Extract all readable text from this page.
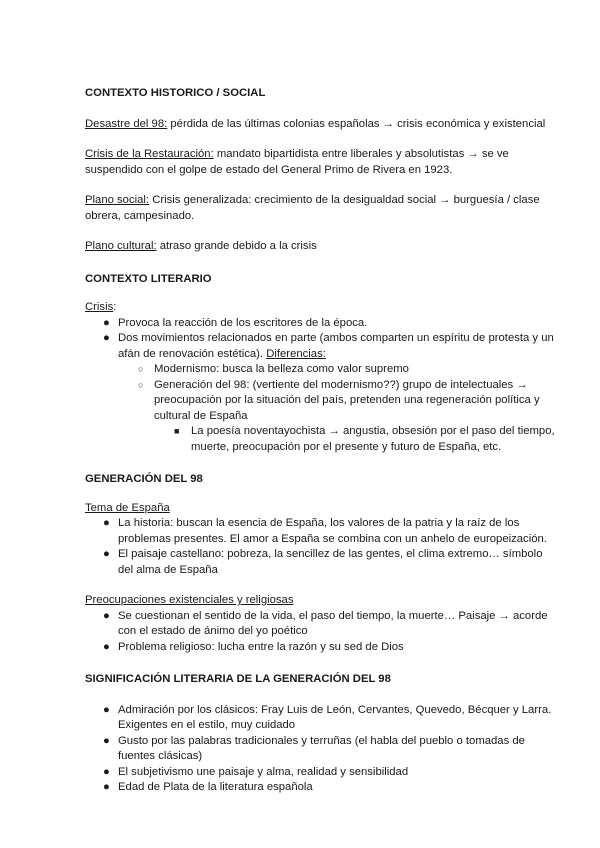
CONTEXTO HISTORICO / SOCIAL

Desastre del 98: pérdida de las últimas colonias españolas → crisis económica y existencial

Crisis de la Restauración: mandato bipartidista entre liberales y absolutistas → se ve suspendido con el golpe de estado del General Primo de Rivera en 1923.

Plano social: Crisis generalizada: crecimiento de la desigualdad social → burguesía / clase obrera, campesinado.

Plano cultural: atraso grande debido a la crisis

CONTEXTO LITERARIO

Crisis:

● Provoca la reacción de los escritores de la época.
● Dos movimientos relacionados en parte (ambos comparten un espíritu de protesta y un afán de renovación estética). Diferencias:
○ Modernismo: busca la belleza como valor supremo
○ Generación del 98: (vertiente del modernismo??) grupo de intelectuales → preocupación por la situación del país, pretenden una regeneración política y cultural de España
■ La poesía noventayochista → angustia, obsesión por el paso del tiempo, muerte, preocupación por el presente y futuro de España, etc.

GENERACIÓN DEL 98

Tema de España

● La historia: buscan la esencia de España, los valores de la patria y la raíz de los problemas presentes. El amor a España se combina con un anhelo de europeización.
● El paisaje castellano: pobreza, la sencillez de las gentes, el clima extremo… símbolo del alma de España

Preocupaciones existenciales y religiosas

● Se cuestionan el sentido de la vida, el paso del tiempo, la muerte… Paisaje → acorde con el estado de ánimo del yo poético
● Problema religioso: lucha entre la razón y su sed de Dios

SIGNIFICACIÓN LITERARIA DE LA GENERACIÓN DEL 98

● Admiración por los clásicos: Fray Luis de León, Cervantes, Quevedo, Bécquer y Larra. Exigentes en el estilo, muy cuidado
● Gusto por las palabras tradicionales y terruñas (el habla del pueblo o tomadas de fuentes clásicas)
● El subjetivismo une paisaje y alma, realidad y sensibilidad
● Edad de Plata de la literatura española
